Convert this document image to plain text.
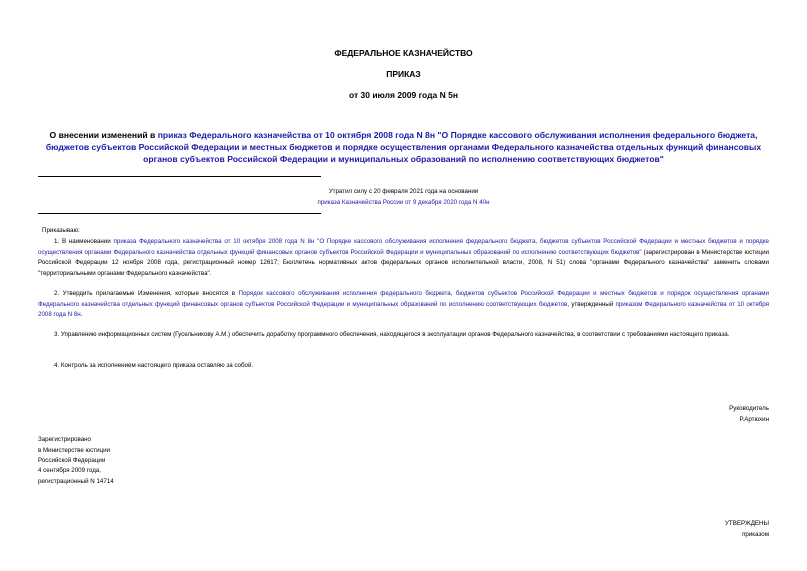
ФЕДЕРАЛЬНОЕ КАЗНАЧЕЙСТВО
ПРИКАЗ
от 30 июля 2009 года N 5н
О внесении изменений в приказ Федерального казначейства от 10 октября 2008 года N 8н "О Порядке кассового обслуживания исполнения федерального бюджета, бюджетов субъектов Российской Федерации и местных бюджетов и порядке осуществления органами Федерального казначейства отдельных функций финансовых органов субъектов Российской Федерации и муниципальных образований по исполнению соответствующих бюджетов"
Утратил силу с 20 февраля 2021 года на основании
приказа Казначейства России от 9 декабря 2020 года N 40н
Приказываю:

1. В наименовании приказа Федерального казначейства от 10 октября 2008 года N 8н "О Порядке кассового обслуживания исполнения федерального бюджета, бюджетов субъектов Российской Федерации и местных бюджетов и порядке осуществления органами Федерального казначейства отдельных функций финансовых органов субъектов Российской Федерации и муниципальных образований по исполнению соответствующих бюджетов" (зарегистрирован в Министерстве юстиции Российской Федерации 12 ноября 2008 года, регистрационный номер 12617; Бюллетень нормативных актов федеральных органов исполнительной власти, 2008, N 51) слова "органами Федерального казначейства" заменить словами "территориальными органами Федерального казначейства".

2. Утвердить прилагаемые Изменения, которые вносятся в Порядок кассового обслуживания исполнения федерального бюджета, бюджетов субъектов Российской Федерации и местных бюджетов и порядок осуществления органами Федерального казначейства отдельных функций финансовых органов субъектов Российской Федерации и муниципальных образований по исполнению соответствующих бюджетов, утвержденный приказом Федерального казначейства от 10 октября 2008 года N 8н.

3. Управлению информационных систем (Гусельникову А.М.) обеспечить доработку программного обеспечения, находящегося в эксплуатации органов Федерального казначейства, в соответствии с требованиями настоящего приказа.

4. Контроль за исполнением настоящего приказа оставляю за собой.

Руководитель
Р.Артюхин
Зарегистрировано
в Министерстве юстиции
Российской Федерации
4 сентября 2009 года,
регистрационный N 14714
УТВЕРЖДЕНЫ
приказом
